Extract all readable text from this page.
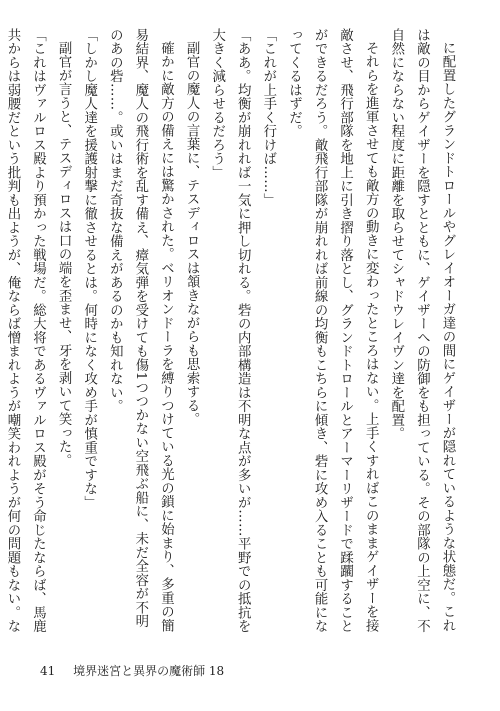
に配置したグランドトロールやグレイオーガ達の間にゲイザーが隠れているような状態だ。これは敵の目からゲイザーを隠すとともに、ゲイザーへの防御をも担っている。その部隊の上空に、不自然にならない程度に距離を取らせてシャドウレイヴン達を配置。

それらを進軍させても敵方の動きに変わったところはない。上手くすればこのままゲイザーを接敵させ、飛行部隊を地上に引き摺り落とし、グランドトロールとアーマーリザードで蹂躙することができるだろう。敵飛行部隊が崩れれば前線の均衡もこちらに傾き、砦に攻め入ることも可能になってくるはずだ。

「これが上手く行けば……」

「ああ。均衡が崩れれば一気に押し切れる。砦の内部構造は不明な点が多いが……平野での抵抗を大きく減らせるだろう」

副官の魔人の言葉に、テスディロスは頷きながらも思索する。

確かに敵方の備えには驚かされた。ベリオンドーラを縛りつけている光の鎖に始まり、多重の簡易結界、魔人の飛行術を乱す備え、瘴気弾を受けても傷1つつかない空飛ぶ船に、未だ全容が不明のあの砦……。或いはまだ奇抜な備えがあるのかも知れない。

「しかし魔人達を援護射撃に徹させるとは。何時になく攻め手が慎重ですな」

副官が言うと、テスディロスは口の端を歪ませ、牙を剥いて笑った。

「これはヴァルロス殿より預かった戦場だ。総大将であるヴァルロス殿がそう命じたならば、馬鹿共からは弱腰だという批判も出ようが、俺ならば憎まれようが嘲笑われようが何の問題もない。な

41 境界迷宮と異界の魔術師 18
